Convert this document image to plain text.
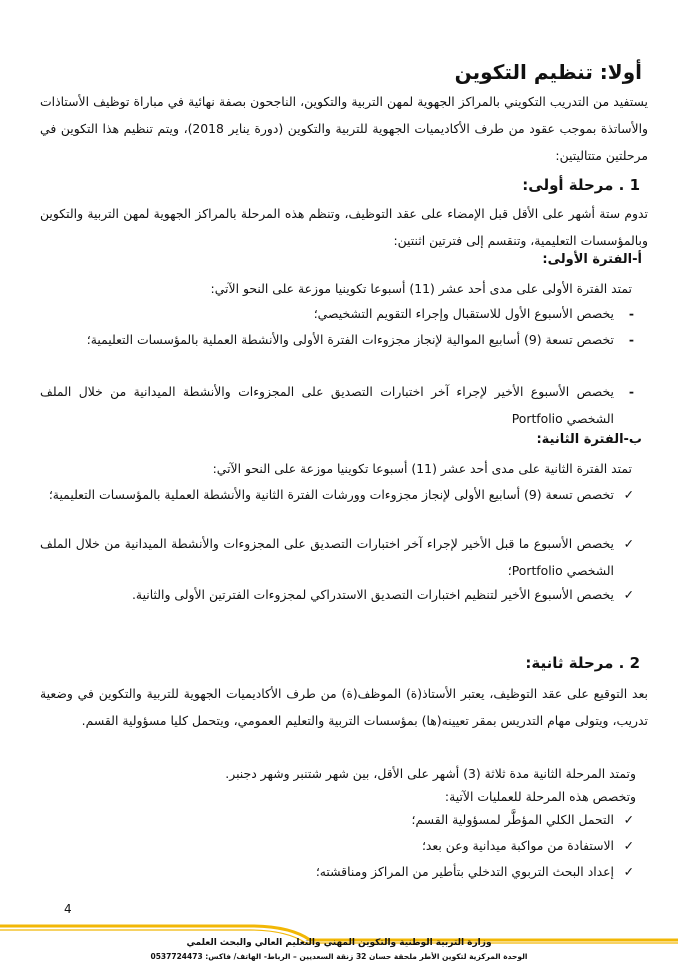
أولا: تنظيم التكوين
يستفيد من التدريب التكويني بالمراكز الجهوية لمهن التربية والتكوين، الناجحون بصفة نهائية في مباراة توظيف الأستاذات والأساتذة بموجب عقود من طرف الأكاديميات الجهوية للتربية والتكوين (دورة يناير 2018)، ويتم تنظيم هذا التكوين في مرحلتين متتاليتين:
1 . مرحلة أولى:
تدوم ستة أشهر على الأقل قبل الإمضاء على عقد التوظيف، وتنظم هذه المرحلة بالمراكز الجهوية لمهن التربية والتكوين وبالمؤسسات التعليمية، وتنقسم إلى فترتين اثنتين:
أ-الفترة الأولى:
تمتد الفترة الأولى على مدى أحد عشر (11) أسبوعا تكوينيا موزعة على النحو الآتي:
-
يخصص الأسبوع الأول للاستقبال وإجراء التقويم التشخيصي؛
-
تخصص تسعة (9) أسابيع الموالية لإنجاز مجزوءات الفترة الأولى والأنشطة العملية بالمؤسسات التعليمية؛
-
يخصص الأسبوع الأخير لإجراء آخر اختبارات التصديق على المجزوءات والأنشطة الميدانية من خلال الملف الشخصي Portfolio
ب-الفترة الثانية:
تمتد الفترة الثانية على مدى أحد عشر (11) أسبوعا تكوينيا موزعة على النحو الآتي:
✓
تخصص تسعة (9) أسابيع الأولى لإنجاز مجزوءات وورشات الفترة الثانية والأنشطة العملية بالمؤسسات التعليمية؛
✓
يخصص الأسبوع ما قبل الأخير لإجراء آخر اختبارات التصديق على المجزوءات والأنشطة الميدانية من خلال الملف الشخصي Portfolio؛
✓
يخصص الأسبوع الأخير لتنظيم اختبارات التصديق الاستدراكي لمجزوءات الفترتين الأولى والثانية.
2 . مرحلة ثانية:
بعد التوقيع على عقد التوظيف، يعتبر الأستاذ(ة) الموظف(ة) من طرف الأكاديميات الجهوية للتربية والتكوين في وضعية تدريب، ويتولى مهام التدريس بمقر تعيينه(ها) بمؤسسات التربية والتعليم العمومي، ويتحمل كليا مسؤولية القسم.
وتمتد المرحلة الثانية مدة ثلاثة (3) أشهر على الأقل، بين شهر شتنبر وشهر دجنبر.
وتخصص هذه المرحلة للعمليات الآتية:
✓
التحمل الكلي المؤطَّر لمسؤولية القسم؛
✓
الاستفادة من مواكبة ميدانية وعن بعد؛
✓
إعداد البحث التربوي التدخلي بتأطير من المراكز ومناقشته؛
4
وزارة التربية الوطنية والتكوين المهني والتعليم العالي والبحث العلمي
الوحدة المركزية لتكوين الأطر ملحقة حسان 32 زنقة السعديين – الرباط- الهاتف/ فاكس: 0537724473
